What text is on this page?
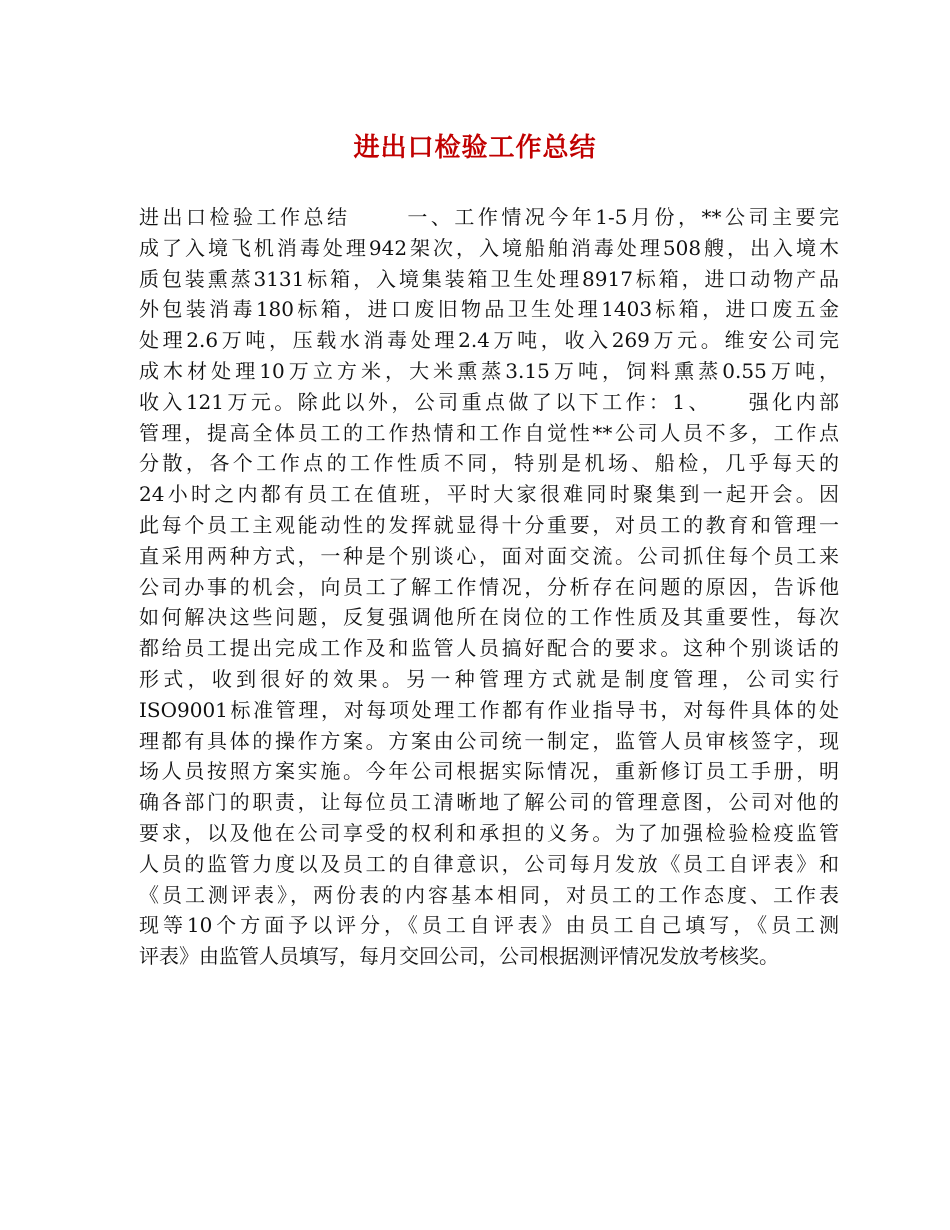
进出口检验工作总结
进出口检验工作总结 　　一、工作情况今年1-5月份，**公司主要完
成了入境飞机消毒处理942架次，入境船舶消毒处理508艘，出入境木
质包装熏蒸3131标箱，入境集装箱卫生处理8917标箱，进口动物产品
外包装消毒180标箱，进口废旧物品卫生处理1403标箱，进口废五金
处理2.6万吨，压载水消毒处理2.4万吨，收入269万元。维安公司完
成木材处理10万立方米，大米熏蒸3.15万吨，饲料熏蒸0.55万吨，
收入121万元。除此以外，公司重点做了以下工作：1、　　强化内部
管理，提高全体员工的工作热情和工作自觉性**公司人员不多，工作点
分散，各个工作点的工作性质不同，特别是机场、船检，几乎每天的
24小时之内都有员工在值班，平时大家很难同时聚集到一起开会。因
此每个员工主观能动性的发挥就显得十分重要，对员工的教育和管理一
直采用两种方式，一种是个别谈心，面对面交流。公司抓住每个员工来
公司办事的机会，向员工了解工作情况，分析存在问题的原因，告诉他
如何解决这些问题，反复强调他所在岗位的工作性质及其重要性，每次
都给员工提出完成工作及和监管人员搞好配合的要求。这种个别谈话的
形式，收到很好的效果。另一种管理方式就是制度管理，公司实行
ISO9001标准管理，对每项处理工作都有作业指导书，对每件具体的处
理都有具体的操作方案。方案由公司统一制定，监管人员审核签字，现
场人员按照方案实施。今年公司根据实际情况，重新修订员工手册，明
确各部门的职责，让每位员工清晰地了解公司的管理意图，公司对他的
要求，以及他在公司享受的权利和承担的义务。为了加强检验检疫监管
人员的监管力度以及员工的自律意识，公司每月发放《员工自评表》和
《员工测评表》，两份表的内容基本相同，对员工的工作态度、工作表
现等10个方面予以评分，《员工自评表》由员工自己填写，《员工测
评表》由监管人员填写，每月交回公司，公司根据测评情况发放考核奖。
